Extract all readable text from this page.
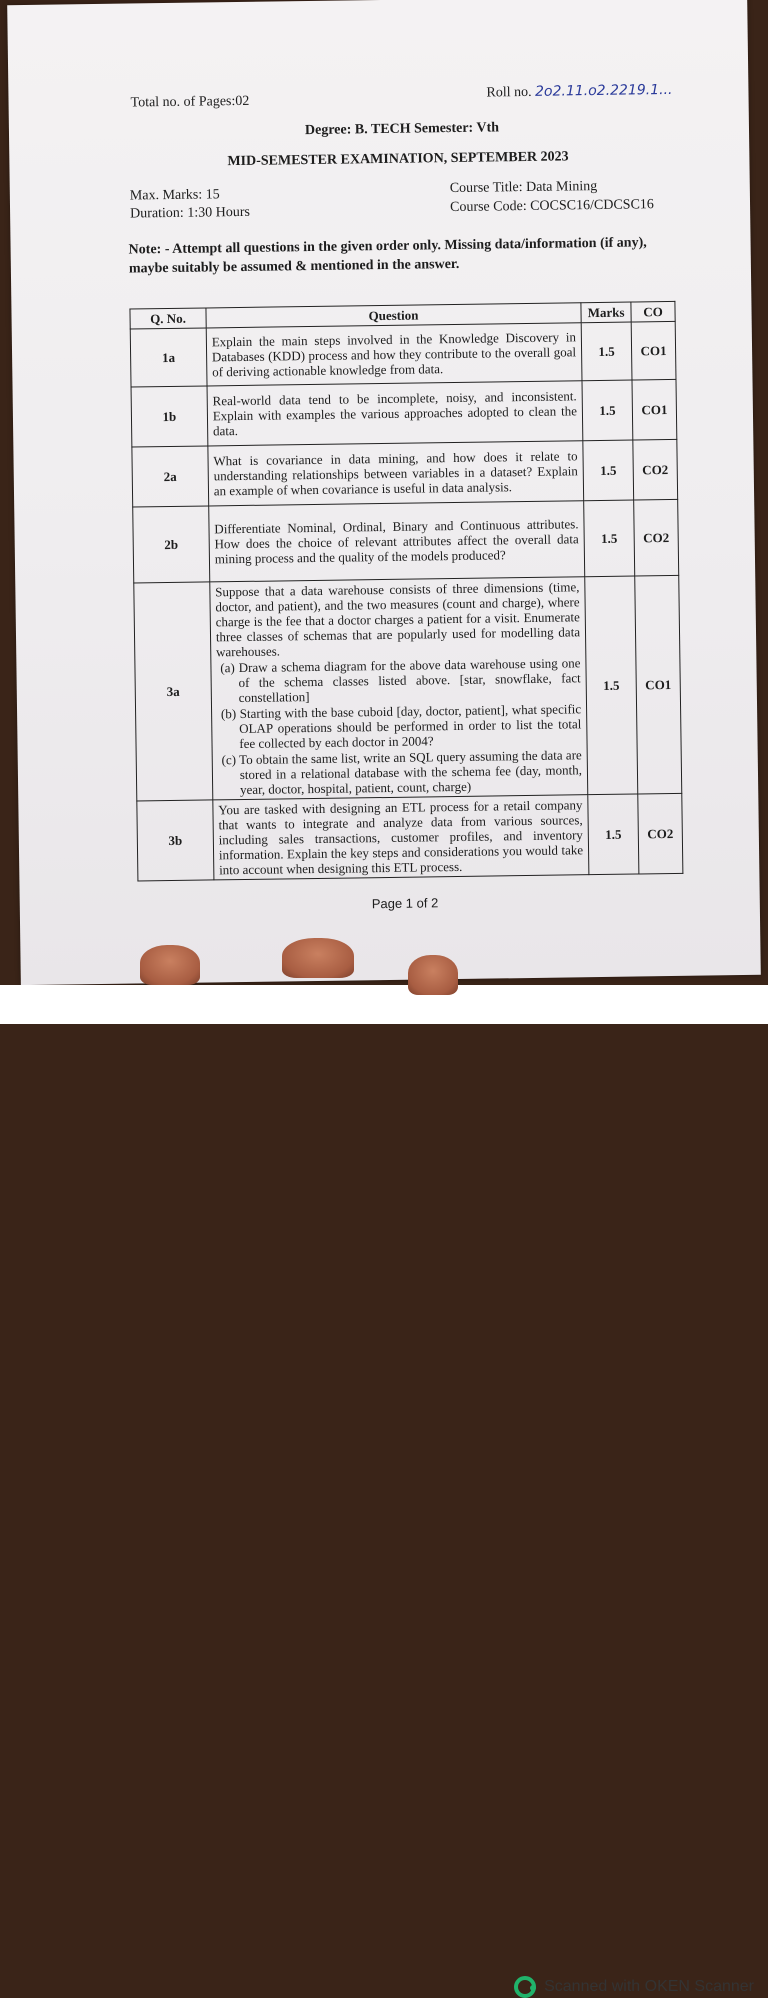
Total no. of Pages:02
Roll no. 2o2.11.o2.2219.1...
Degree: B. TECH Semester: Vth
MID-SEMESTER EXAMINATION, SEPTEMBER 2023
Max. Marks: 15
Duration: 1:30 Hours
Course Title: Data Mining
Course Code: COCSC16/CDCSC16
Note: - Attempt all questions in the given order only. Missing data/information (if any), maybe suitably be assumed & mentioned in the answer.
Q. No.	Question	Marks	CO
1a	Explain the main steps involved in the Knowledge Discovery in Databases (KDD) process and how they contribute to the overall goal of deriving actionable knowledge from data.	1.5	CO1
1b	Real-world data tend to be incomplete, noisy, and inconsistent. Explain with examples the various approaches adopted to clean the data.	1.5	CO1
2a	What is covariance in data mining, and how does it relate to understanding relationships between variables in a dataset? Explain an example of when covariance is useful in data analysis.	1.5	CO2
2b	Differentiate Nominal, Ordinal, Binary and Continuous attributes. How does the choice of relevant attributes affect the overall data mining process and the quality of the models produced?	1.5	CO2
3a	Suppose that a data warehouse consists of three dimensions (time, doctor, and patient), and the two measures (count and charge), where charge is the fee that a doctor charges a patient for a visit. Enumerate three classes of schemas that are popularly used for modelling data warehouses.
(a) Draw a schema diagram for the above data warehouse using one of the schema classes listed above. [star, snowflake, fact constellation]
(b) Starting with the base cuboid [day, doctor, patient], what specific OLAP operations should be performed in order to list the total fee collected by each doctor in 2004?
(c) To obtain the same list, write an SQL query assuming the data are stored in a relational database with the schema fee (day, month, year, doctor, hospital, patient, count, charge)	1.5	CO1
3b	You are tasked with designing an ETL process for a retail company that wants to integrate and analyze data from various sources, including sales transactions, customer profiles, and inventory information. Explain the key steps and considerations you would take into account when designing this ETL process.	1.5	CO2
Page 1 of 2
Scanned with OKEN Scanner
